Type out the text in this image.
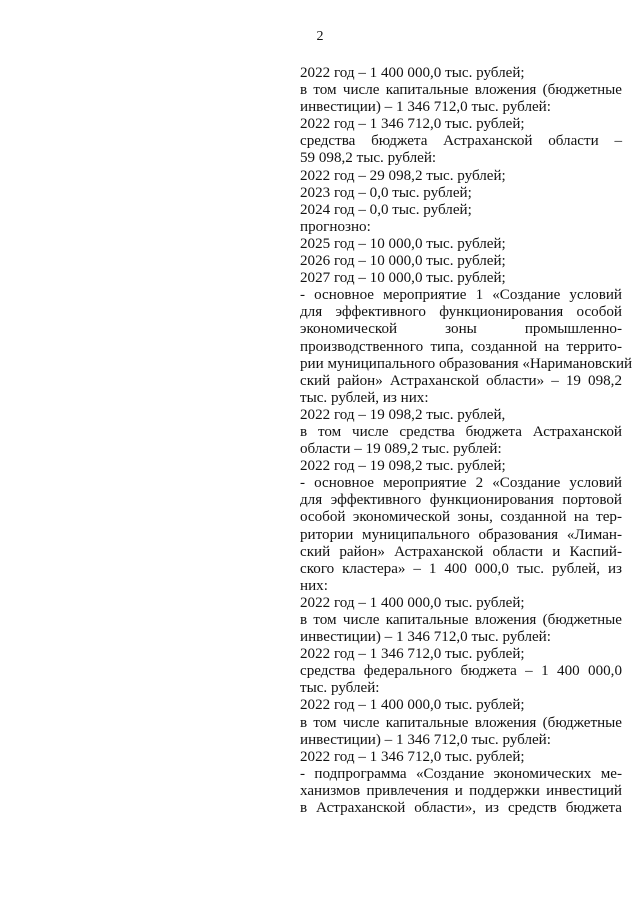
2
2022 год – 1 400 000,0 тыс. рублей;
в том числе капитальные вложения (бюджетные
инвестиции) – 1 346 712,0 тыс. рублей:
2022 год – 1 346 712,0 тыс. рублей;
средства бюджета Астраханской области –
59 098,2 тыс. рублей:
2022 год – 29 098,2 тыс. рублей;
2023 год – 0,0 тыс. рублей;
2024 год – 0,0 тыс. рублей;
прогнозно:
2025 год – 10 000,0 тыс. рублей;
2026 год – 10 000,0 тыс. рублей;
2027 год – 10 000,0 тыс. рублей;
- основное мероприятие 1 «Создание условий
для эффективного функционирования особой
экономической зоны промышленно-
производственного типа, созданной на террито-
рии муниципального образования «Наримановский
ский район» Астраханской области» – 19 098,2
тыс. рублей, из них:
2022 год – 19 098,2 тыс. рублей,
в том числе средства бюджета Астраханской
области – 19 089,2 тыс. рублей:
2022 год – 19 098,2 тыс. рублей;
- основное мероприятие 2 «Создание условий
для эффективного функционирования портовой
особой экономической зоны, созданной на тер-
ритории муниципального образования «Лиман-
ский район» Астраханской области и Каспий-
ского кластера» – 1 400 000,0 тыс. рублей, из
них:
2022 год – 1 400 000,0 тыс. рублей;
в том числе капитальные вложения (бюджетные
инвестиции) – 1 346 712,0 тыс. рублей:
2022 год – 1 346 712,0 тыс. рублей;
средства федерального бюджета – 1 400 000,0
тыс. рублей:
2022 год – 1 400 000,0 тыс. рублей;
в том числе капитальные вложения (бюджетные
инвестиции) – 1 346 712,0 тыс. рублей:
2022 год – 1 346 712,0 тыс. рублей;
- подпрограмма «Создание экономических ме-
ханизмов привлечения и поддержки инвестиций
в Астраханской области», из средств бюджета
